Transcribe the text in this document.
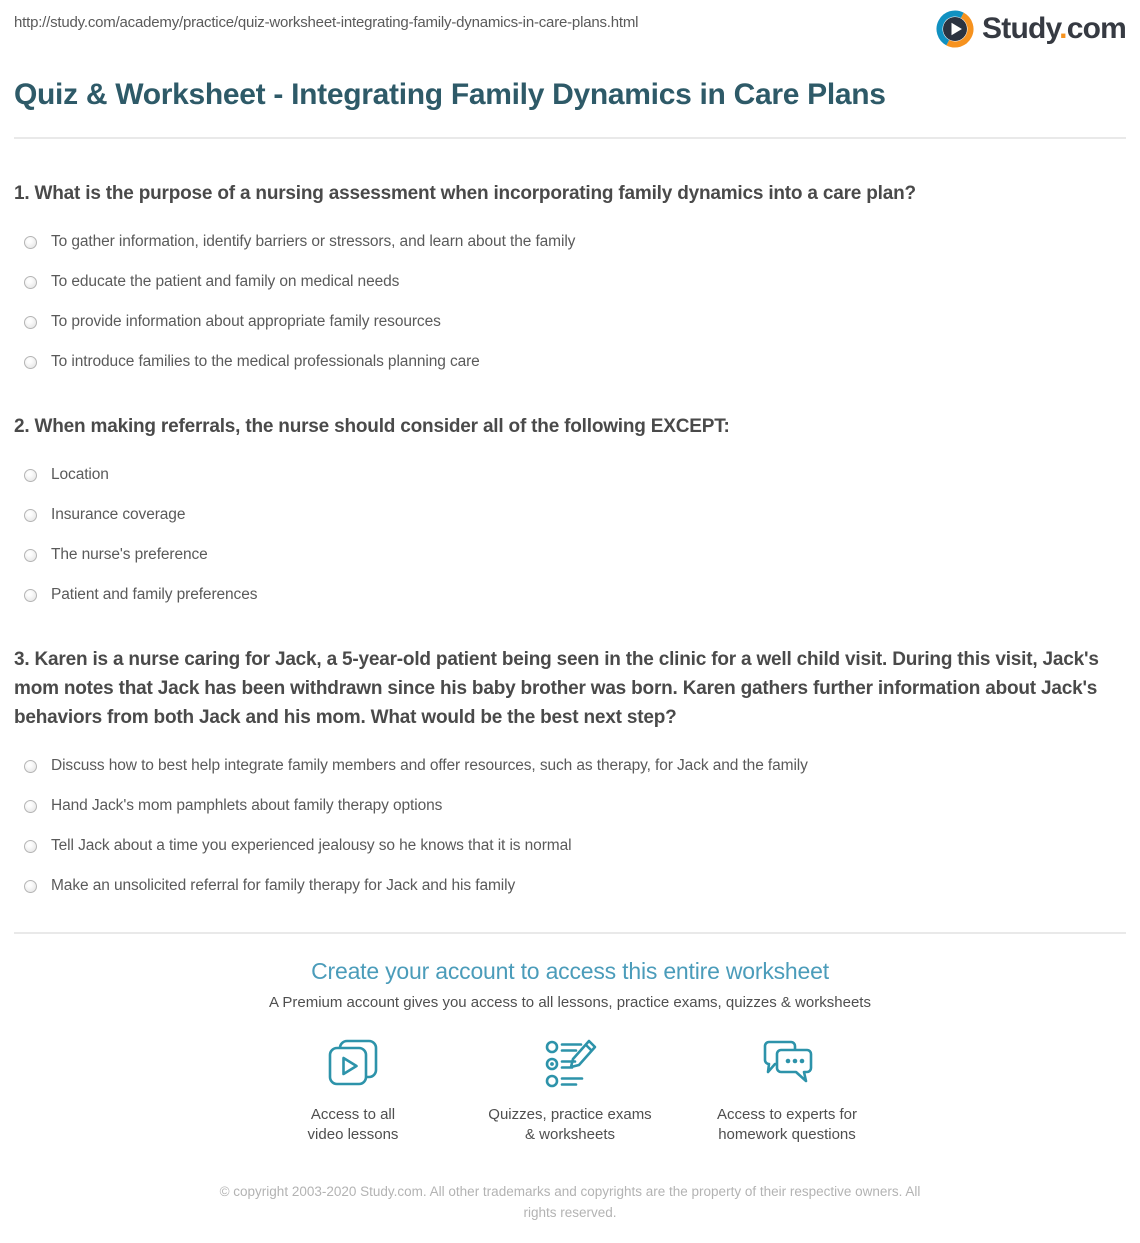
http://study.com/academy/practice/quiz-worksheet-integrating-family-dynamics-in-care-plans.html	Study.com
Quiz & Worksheet - Integrating Family Dynamics in Care Plans

1. What is the purpose of a nursing assessment when incorporating family dynamics into a care plan?

To gather information, identify barriers or stressors, and learn about the family
To educate the patient and family on medical needs
To provide information about appropriate family resources
To introduce families to the medical professionals planning care

2. When making referrals, the nurse should consider all of the following EXCEPT:

Location
Insurance coverage
The nurse's preference
Patient and family preferences

3. Karen is a nurse caring for Jack, a 5-year-old patient being seen in the clinic for a well child visit. During this visit, Jack's mom notes that Jack has been withdrawn since his baby brother was born. Karen gathers further information about Jack's behaviors from both Jack and his mom. What would be the best next step?

Discuss how to best help integrate family members and offer resources, such as therapy, for Jack and the family
Hand Jack's mom pamphlets about family therapy options
Tell Jack about a time you experienced jealousy so he knows that it is normal
Make an unsolicited referral for family therapy for Jack and his family
Create your account to access this entire worksheet

A Premium account gives you access to all lessons, practice exams, quizzes & worksheets

Access to all
video lessons
Quizzes, practice exams
& worksheets
Access to experts for
homework questions
© copyright 2003-2020 Study.com. All other trademarks and copyrights are the property of their respective owners. All rights reserved.
